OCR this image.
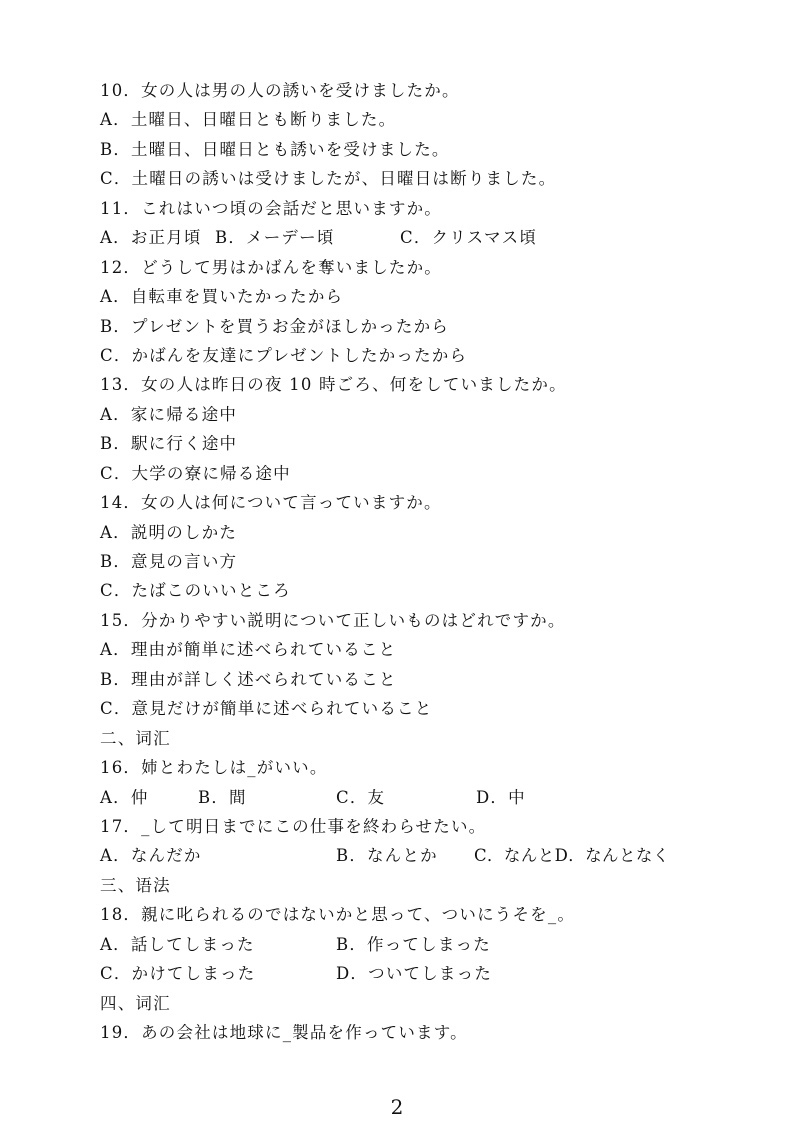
10．女の人は男の人の誘いを受けましたか。
A．土曜日、日曜日とも断りました。
B．土曜日、日曜日とも誘いを受けました。
C．土曜日の誘いは受けましたが、日曜日は断りました。
11．これはいつ頃の会話だと思いますか。
A．お正月頃 B．メーデー頃	C．クリスマス頃
12．どうして男はかばんを奪いましたか。
A．自転車を買いたかったから
B．プレゼントを買うお金がほしかったから
C．かばんを友達にプレゼントしたかったから
13．女の人は昨日の夜 10 時ごろ、何をしていましたか。
A．家に帰る途中
B．駅に行く途中
C．大学の寮に帰る途中
14．女の人は何について言っていますか。
A．説明のしかた
B．意見の言い方
C．たばこのいいところ
15．分かりやすい説明について正しいものはどれですか。
A．理由が簡単に述べられていること
B．理由が詳しく述べられていること
C．意見だけが簡単に述べられていること
二、词汇
16．姉とわたしは_がいい。
A．仲	B．間	C．友	D．中
17．_して明日までにこの仕事を終わらせたい。
A．なんだか	B．なんとか	C．なんと D．なんとなく
三、语法
18．親に叱られるのではないかと思って、ついにうそを_。
A．話してしまった	B．作ってしまった
C．かけてしまった	D．ついてしまった
四、词汇
19．あの会社は地球に_製品を作っています。
2
